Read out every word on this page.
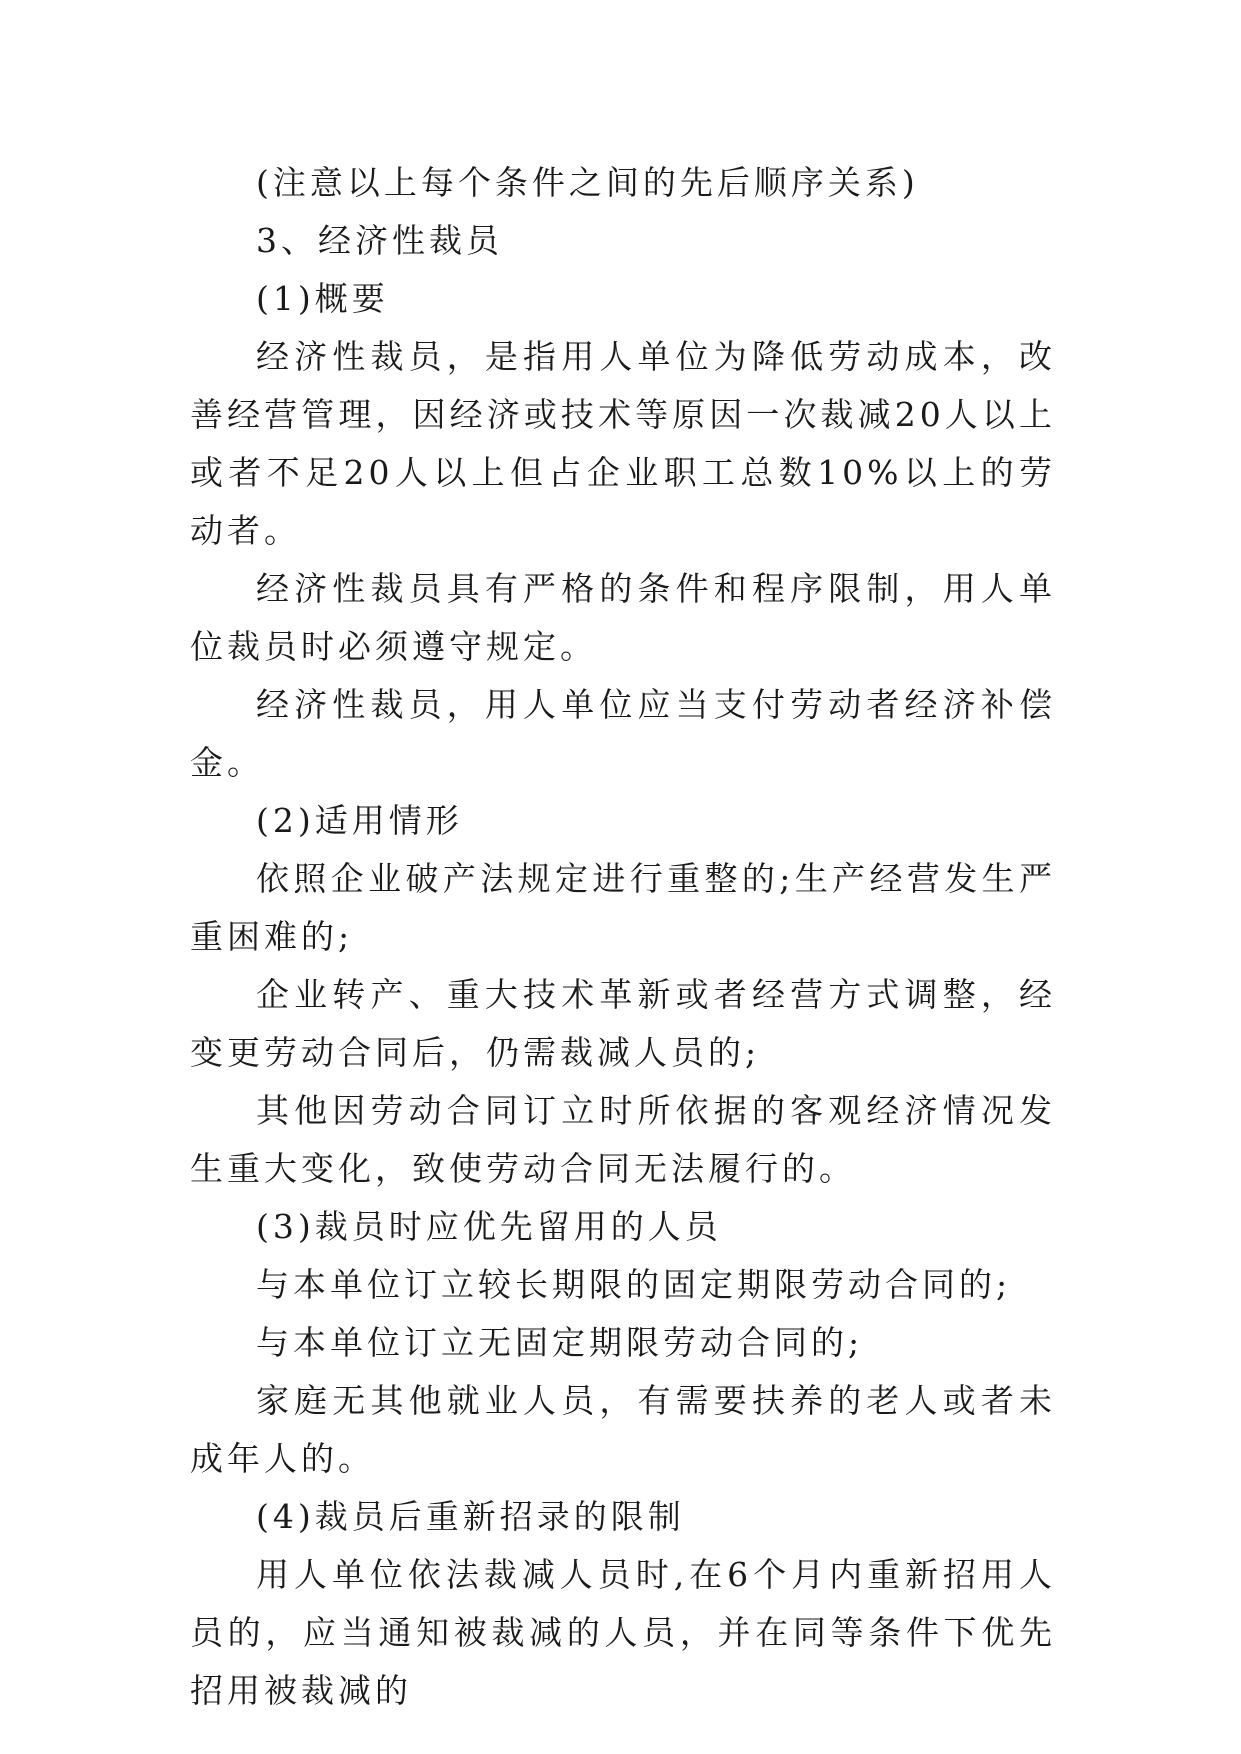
(注意以上每个条件之间的先后顺序关系)

3、经济性裁员

(1)概要

经济性裁员，是指用人单位为降低劳动成本，改善经营管理，因经济或技术等原因一次裁减20人以上或者不足20人以上但占企业职工总数10%以上的劳动者。

经济性裁员具有严格的条件和程序限制，用人单位裁员时必须遵守规定。

经济性裁员，用人单位应当支付劳动者经济补偿金。

(2)适用情形

依照企业破产法规定进行重整的;生产经营发生严重困难的;

企业转产、重大技术革新或者经营方式调整，经变更劳动合同后，仍需裁减人员的;

其他因劳动合同订立时所依据的客观经济情况发生重大变化，致使劳动合同无法履行的。

(3)裁员时应优先留用的人员

与本单位订立较长期限的固定期限劳动合同的;

与本单位订立无固定期限劳动合同的;

家庭无其他就业人员，有需要扶养的老人或者未成年人的。

(4)裁员后重新招录的限制

用人单位依法裁减人员时,在6个月内重新招用人员的，应当通知被裁减的人员，并在同等条件下优先招用被裁减的
